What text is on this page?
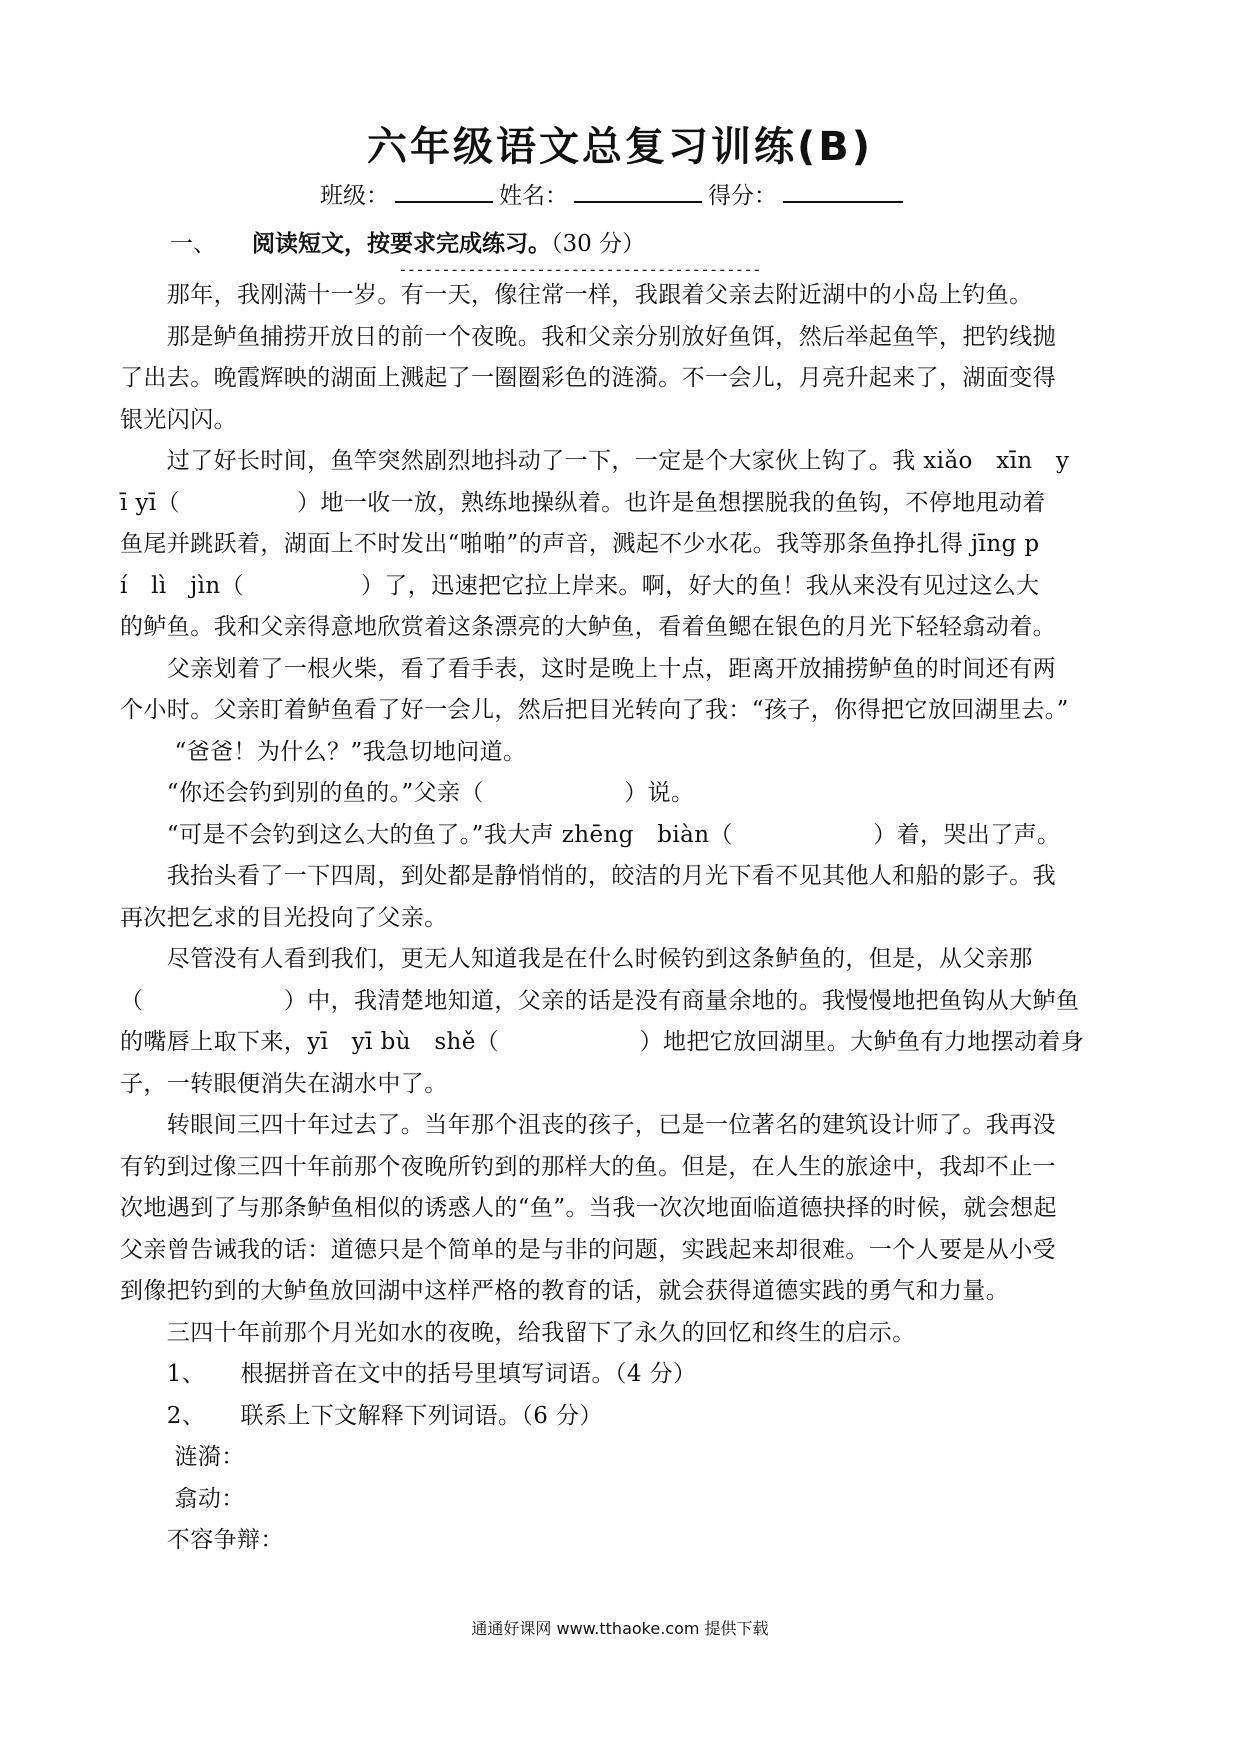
六年级语文总复习训练(B)
班级：	姓名：	得分：
一、 阅读短文，按要求完成练习。（30 分）
------------------------------------------
　　那年，我刚满十一岁。有一天，像往常一样，我跟着父亲去附近湖中的小岛上钓鱼。
　　那是鲈鱼捕捞开放日的前一个夜晚。我和父亲分别放好鱼饵，然后举起鱼竿，把钓线抛
了出去。晚霞辉映的湖面上溅起了一圈圈彩色的涟漪。不一会儿，月亮升起来了，湖面变得
银光闪闪。
　　过了好长时间，鱼竿突然剧烈地抖动了一下，一定是个大家伙上钩了。我 xiǎo　xīn　y
ī yī（　　　　　）地一收一放，熟练地操纵着。也许是鱼想摆脱我的鱼钩，不停地甩动着
鱼尾并跳跃着，湖面上不时发出“啪啪”的声音，溅起不少水花。我等那条鱼挣扎得 jīng p
í　lì　jìn（　　　　　）了，迅速把它拉上岸来。啊，好大的鱼！我从来没有见过这么大
的鲈鱼。我和父亲得意地欣赏着这条漂亮的大鲈鱼，看着鱼鳃在银色的月光下轻轻翕动着。
　　父亲划着了一根火柴，看了看手表，这时是晚上十点，距离开放捕捞鲈鱼的时间还有两
个小时。父亲盯着鲈鱼看了好一会儿，然后把目光转向了我：“孩子，你得把它放回湖里去。”
　　 “爸爸！为什么？”我急切地问道。
　　“你还会钓到别的鱼的。”父亲（　　　　　　）说。
　　“可是不会钓到这么大的鱼了。”我大声 zhēng　biàn（　　　　　　）着，哭出了声。
　　我抬头看了一下四周，到处都是静悄悄的，皎洁的月光下看不见其他人和船的影子。我
再次把乞求的目光投向了父亲。
　　尽管没有人看到我们，更无人知道我是在什么时候钓到这条鲈鱼的，但是，从父亲那
（　　　　　　）中，我清楚地知道，父亲的话是没有商量余地的。我慢慢地把鱼钩从大鲈鱼
的嘴唇上取下来，yī　yī bù　shě（　　　　　　）地把它放回湖里。大鲈鱼有力地摆动着身
子，一转眼便消失在湖水中了。
　　转眼间三四十年过去了。当年那个沮丧的孩子，已是一位著名的建筑设计师了。我再没
有钓到过像三四十年前那个夜晚所钓到的那样大的鱼。但是，在人生的旅途中，我却不止一
次地遇到了与那条鲈鱼相似的诱惑人的“鱼”。当我一次次地面临道德抉择的时候，就会想起
父亲曾告诫我的话：道德只是个简单的是与非的问题，实践起来却很难。一个人要是从小受
到像把钓到的大鲈鱼放回湖中这样严格的教育的话，就会获得道德实践的勇气和力量。
　　三四十年前那个月光如水的夜晚，给我留下了永久的回忆和终生的启示。
　　1、　　根据拼音在文中的括号里填写词语。（4 分）
　　2、　　联系上下文解释下列词语。（6 分）
　　 涟漪：
　　 翕动：
　　不容争辩：
通通好课网 www.tthaoke.com 提供下载
